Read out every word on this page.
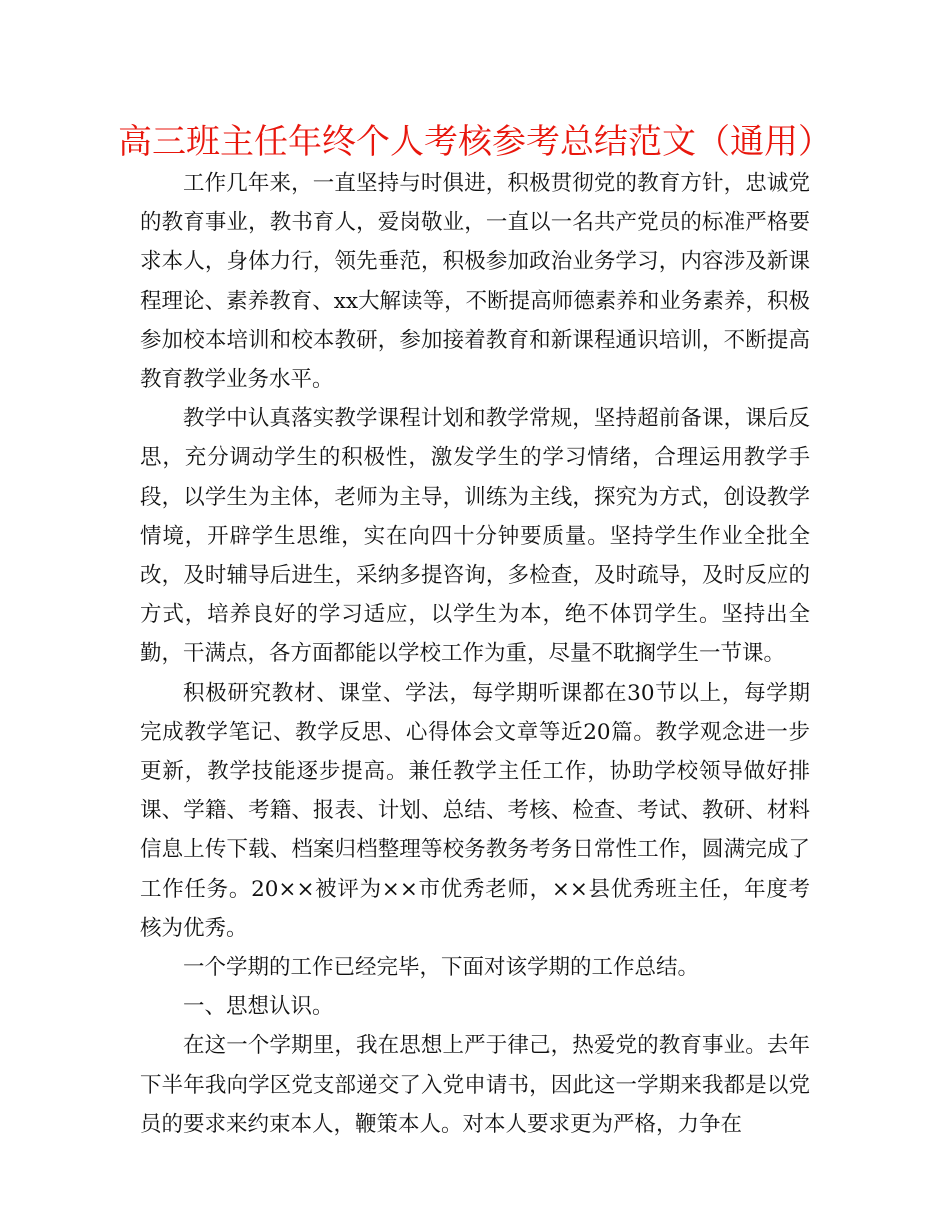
高三班主任年终个人考核参考总结范文（通用）

工作几年来，一直坚持与时俱进，积极贯彻党的教育方针，忠诚党的教育事业，教书育人，爱岗敬业，一直以一名共产党员的标准严格要求本人，身体力行，领先垂范，积极参加政治业务学习，内容涉及新课程理论、素养教育、xx大解读等，不断提高师德素养和业务素养，积极参加校本培训和校本教研，参加接着教育和新课程通识培训，不断提高教育教学业务水平。

教学中认真落实教学课程计划和教学常规，坚持超前备课，课后反思，充分调动学生的积极性，激发学生的学习情绪，合理运用教学手段，以学生为主体，老师为主导，训练为主线，探究为方式，创设教学情境，开辟学生思维，实在向四十分钟要质量。坚持学生作业全批全改，及时辅导后进生，采纳多提咨询，多检查，及时疏导，及时反应的方式，培养良好的学习适应，以学生为本，绝不体罚学生。坚持出全勤，干满点，各方面都能以学校工作为重，尽量不耽搁学生一节课。

积极研究教材、课堂、学法，每学期听课都在30节以上，每学期完成教学笔记、教学反思、心得体会文章等近20篇。教学观念进一步更新，教学技能逐步提高。兼任教学主任工作，协助学校领导做好排课、学籍、考籍、报表、计划、总结、考核、检查、考试、教研、材料信息上传下载、档案归档整理等校务教务考务日常性工作，圆满完成了工作任务。20××被评为××市优秀老师，××县优秀班主任，年度考核为优秀。

一个学期的工作已经完毕，下面对该学期的工作总结。

一、思想认识。

在这一个学期里，我在思想上严于律己，热爱党的教育事业。去年下半年我向学区党支部递交了入党申请书，因此这一学期来我都是以党员的要求来约束本人，鞭策本人。对本人要求更为严格，力争在
